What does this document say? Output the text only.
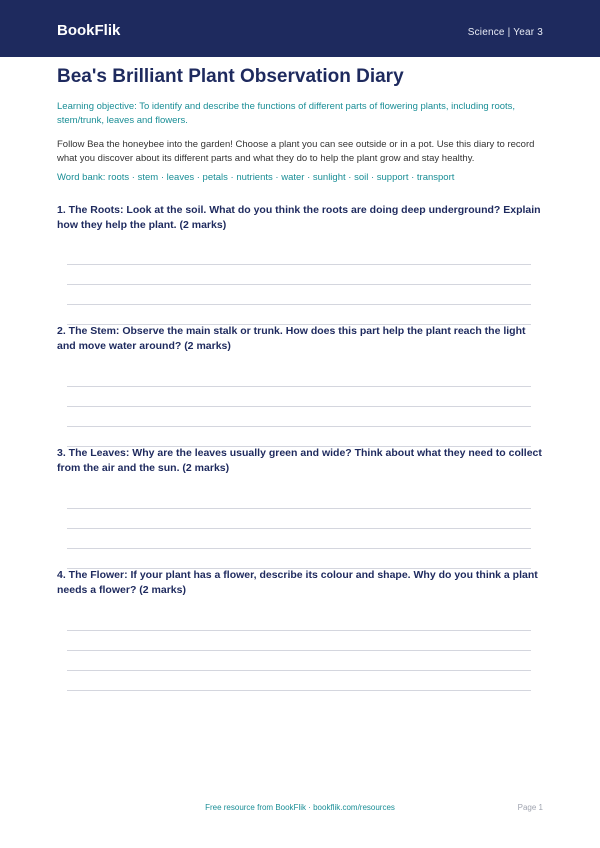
BookFlik	Science | Year 3
Bea's Brilliant Plant Observation Diary
Learning objective: To identify and describe the functions of different parts of flowering plants, including roots, stem/trunk, leaves and flowers.
Follow Bea the honeybee into the garden! Choose a plant you can see outside or in a pot. Use this diary to record what you discover about its different parts and what they do to help the plant grow and stay healthy.
Word bank: roots · stem · leaves · petals · nutrients · water · sunlight · soil · support · transport
1. The Roots: Look at the soil. What do you think the roots are doing deep underground? Explain how they help the plant. (2 marks)
2. The Stem: Observe the main stalk or trunk. How does this part help the plant reach the light and move water around? (2 marks)
3. The Leaves: Why are the leaves usually green and wide? Think about what they need to collect from the air and the sun. (2 marks)
4. The Flower: If your plant has a flower, describe its colour and shape. Why do you think a plant needs a flower? (2 marks)
Free resource from BookFlik · bookflik.com/resources	Page 1
